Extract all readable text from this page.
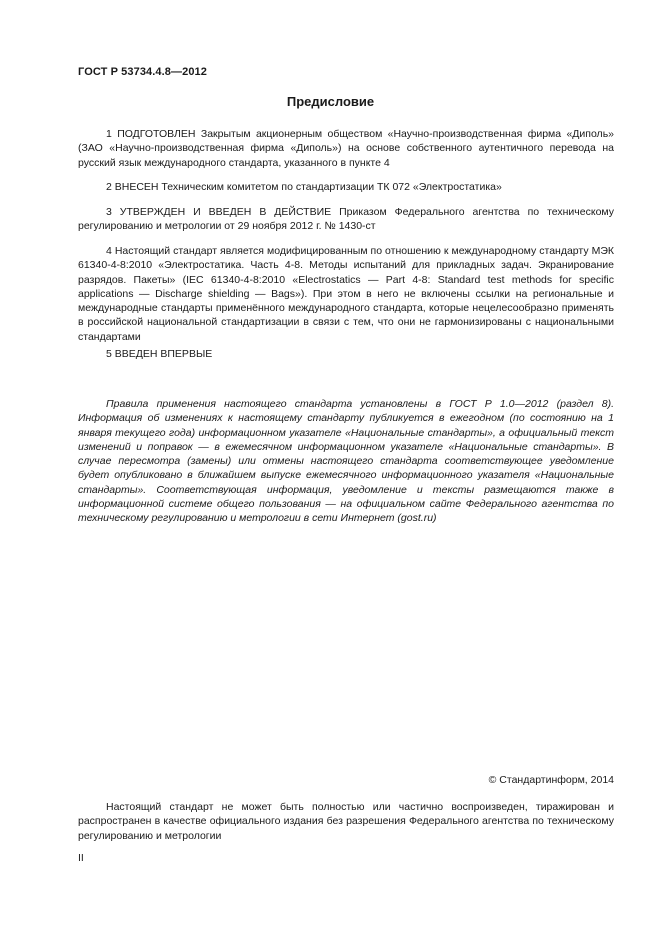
ГОСТ Р 53734.4.8—2012
Предисловие

1 ПОДГОТОВЛЕН Закрытым акционерным обществом «Научно-производственная фирма «Диполь» (ЗАО «Научно-производственная фирма «Диполь») на основе собственного аутентичного перевода на русский язык международного стандарта, указанного в пункте 4

2 ВНЕСЕН Техническим комитетом по стандартизации ТК 072 «Электростатика»

3 УТВЕРЖДЕН И ВВЕДЕН В ДЕЙСТВИЕ Приказом Федерального агентства по техническому регулированию и метрологии от 29 ноября 2012 г. № 1430-ст

4 Настоящий стандарт является модифицированным по отношению к международному стандарту МЭК 61340-4-8:2010 «Электростатика. Часть 4-8. Методы испытаний для прикладных задач. Экранирование разрядов. Пакеты» (IEC 61340-4-8:2010 «Electrostatics — Part 4-8: Standard test methods for specific applications — Discharge shielding — Bags»). При этом в него не включены ссылки на региональные и международные стандарты применённого международного стандарта, которые нецелесообразно применять в российской национальной стандартизации в связи с тем, что они не гармонизированы с национальными стандартами

5 ВВЕДЕН ВПЕРВЫЕ

Правила применения настоящего стандарта установлены в ГОСТ Р 1.0—2012 (раздел 8). Информация об изменениях к настоящему стандарту публикуется в ежегодном (по состоянию на 1 января текущего года) информационном указателе «Национальные стандарты», а официальный текст изменений и поправок — в ежемесячном информационном указателе «Национальные стандарты». В случае пересмотра (замены) или отмены настоящего стандарта соответствующее уведомление будет опубликовано в ближайшем выпуске ежемесячного информационного указателя «Национальные стандарты». Соответствующая информация, уведомление и тексты размещаются также в информационной системе общего пользования — на официальном сайте Федерального агентства по техническому регулированию и метрологии в сети Интернет (gost.ru)

© Стандартинформ, 2014

Настоящий стандарт не может быть полностью или частично воспроизведен, тиражирован и распространен в качестве официального издания без разрешения Федерального агентства по техническому регулированию и метрологии

II
